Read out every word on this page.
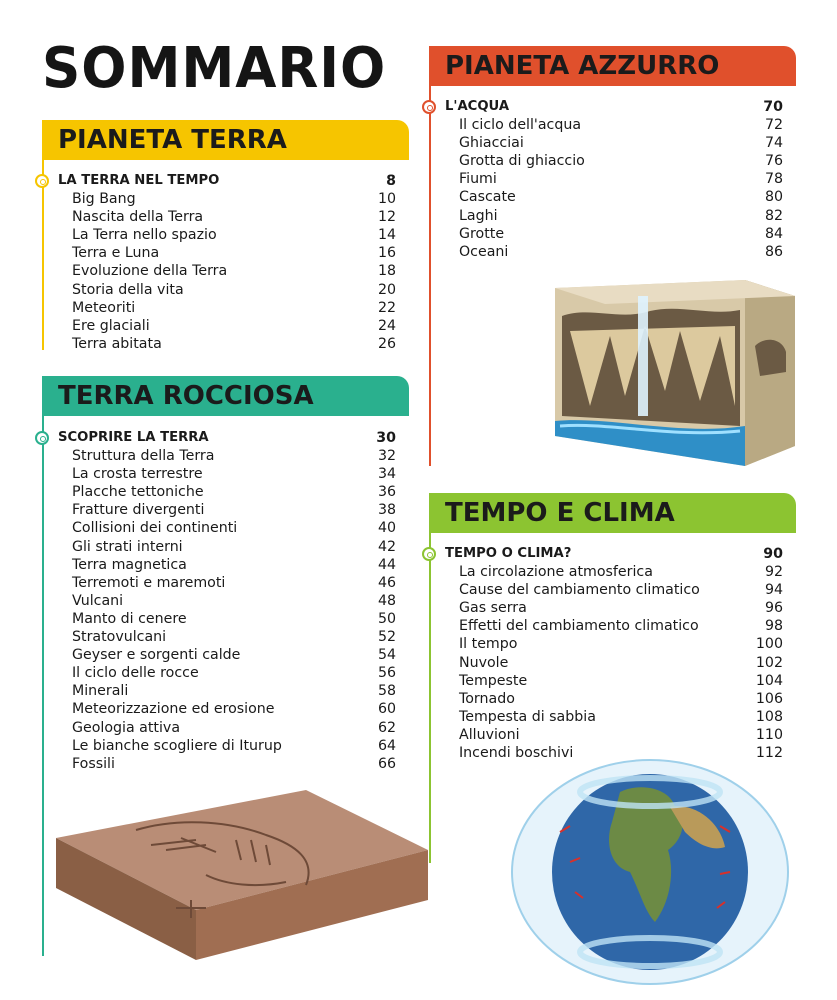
SOMMARIO
PIANETA TERRA
LA TERRA NEL TEMPO	8
Big Bang	10
Nascita della Terra	12
La Terra nello spazio	14
Terra e Luna	16
Evoluzione della Terra	18
Storia della vita	20
Meteoriti	22
Ere glaciali	24
Terra abitata	26
TERRA ROCCIOSA
SCOPRIRE LA TERRA	30
Struttura della Terra	32
La crosta terrestre	34
Placche tettoniche	36
Fratture divergenti	38
Collisioni dei continenti	40
Gli strati interni	42
Terra magnetica	44
Terremoti e maremoti	46
Vulcani	48
Manto di cenere	50
Stratovulcani	52
Geyser e sorgenti calde	54
Il ciclo delle rocce	56
Minerali	58
Meteorizzazione ed erosione	60
Geologia attiva	62
Le bianche scogliere di Iturup	64
Fossili	66
PIANETA AZZURRO
L'ACQUA	70
Il ciclo dell'acqua	72
Ghiacciai	74
Grotta di ghiaccio	76
Fiumi	78
Cascate	80
Laghi	82
Grotte	84
Oceani	86
TEMPO E CLIMA
TEMPO O CLIMA?	90
La circolazione atmosferica	92
Cause del cambiamento climatico	94
Gas serra	96
Effetti del cambiamento climatico	98
Il tempo	100
Nuvole	102
Tempeste	104
Tornado	106
Tempesta di sabbia	108
Alluvioni	110
Incendi boschivi	112
